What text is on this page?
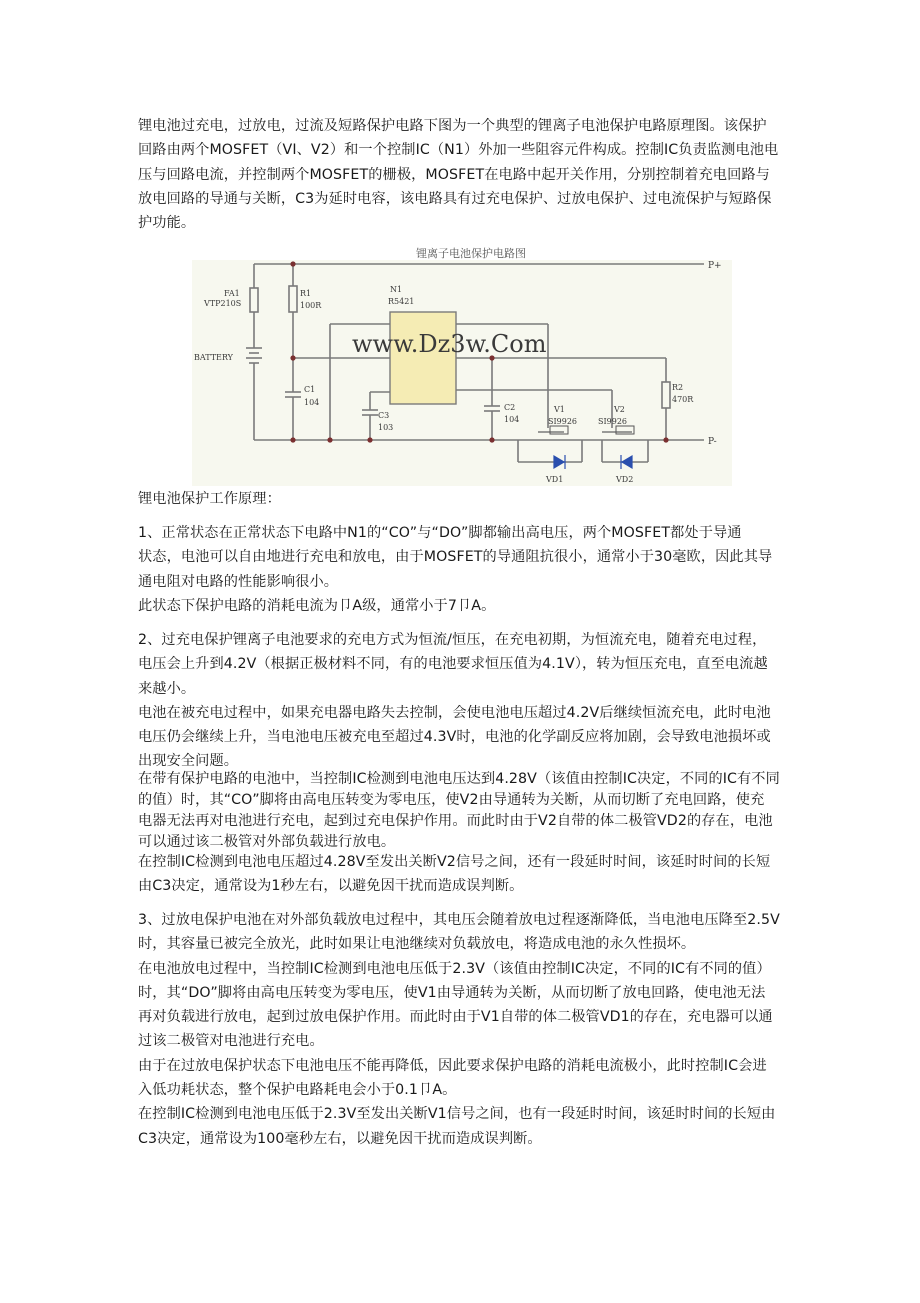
锂电池过充电，过放电，过流及短路保护电路下图为一个典型的锂离子电池保护电路原理图。该保护

回路由两个MOSFET（VI、V2）和一个控制IC（N1）外加一些阻容元件构成。控制IC负责监测电池电

压与回路电流，并控制两个MOSFET的栅极，MOSFET在电路中起开关作用，分别控制着充电回路与

放电回路的导通与关断，C3为延时电容，该电路具有过充电保护、过放电保护、过电流保护与短路保

护功能。

锂离子电池保护电路图
P+
P-
FA1
VTP210S
BATTERY
R1
100R
N1
R5421
C1
104
C3
103
C2
104
V1
SI9926
V2
SI9926
R2
470R
VD1	VD2
www.Dz3w.Com

锂电池保护工作原理：

1、正常状态在正常状态下电路中N1的“CO”与“DO”脚都输出高电压，两个MOSFET都处于导通

状态，电池可以自由地进行充电和放电，由于MOSFET的导通阻抗很小，通常小于30毫欧，因此其导

通电阻对电路的性能影响很小。

此状态下保护电路的消耗电流为卩A级，通常小于7卩A。

2、过充电保护锂离子电池要求的充电方式为恒流/恒压，在充电初期，为恒流充电，随着充电过程，

电压会上升到4.2V（根据正极材料不同，有的电池要求恒压值为4.1V），转为恒压充电，直至电流越

来越小。

电池在被充电过程中，如果充电器电路失去控制，会使电池电压超过4.2V后继续恒流充电，此时电池

电压仍会继续上升，当电池电压被充电至超过4.3V时，电池的化学副反应将加剧，会导致电池损坏或

出现安全问题。

在带有保护电路的电池中，当控制IC检测到电池电压达到4.28V（该值由控制IC决定，不同的IC有不同

的值）时，其“CO”脚将由高电压转变为零电压，使V2由导通转为关断，从而切断了充电回路，使充

电器无法再对电池进行充电，起到过充电保护作用。而此时由于V2自带的体二极管VD2的存在，电池

可以通过该二极管对外部负载进行放电。

在控制IC检测到电池电压超过4.28V至发出关断V2信号之间，还有一段延时时间，该延时时间的长短

由C3决定，通常设为1秒左右，以避免因干扰而造成误判断。

3、过放电保护电池在对外部负载放电过程中，其电压会随着放电过程逐渐降低，当电池电压降至2.5V

时，其容量已被完全放光，此时如果让电池继续对负载放电，将造成电池的永久性损坏。

在电池放电过程中，当控制IC检测到电池电压低于2.3V（该值由控制IC决定，不同的IC有不同的值）

时，其“DO”脚将由高电压转变为零电压，使V1由导通转为关断，从而切断了放电回路，使电池无法

再对负载进行放电，起到过放电保护作用。而此时由于V1自带的体二极管VD1的存在，充电器可以通

过该二极管对电池进行充电。

由于在过放电保护状态下电池电压不能再降低，因此要求保护电路的消耗电流极小，此时控制IC会进

入低功耗状态，整个保护电路耗电会小于0.1卩A。

在控制IC检测到电池电压低于2.3V至发出关断V1信号之间，也有一段延时时间，该延时时间的长短由

C3决定，通常设为100毫秒左右，以避免因干扰而造成误判断。
